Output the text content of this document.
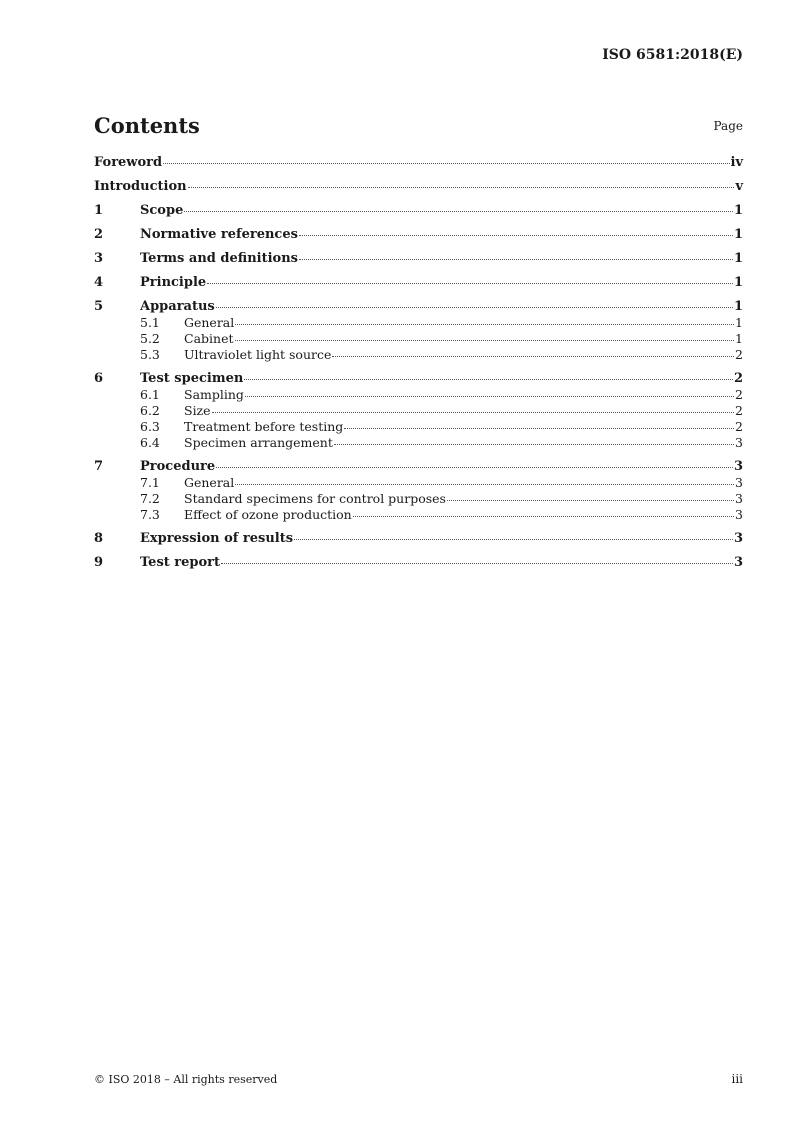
ISO 6581:2018(E)
Contents	Page
Foreword	iv
Introduction	v
1	Scope	1
2	Normative references	1
3	Terms and definitions	1
4	Principle	1
5	Apparatus	1
5.1	General	1
5.2	Cabinet	1
5.3	Ultraviolet light source	2
6	Test specimen	2
6.1	Sampling	2
6.2	Size	2
6.3	Treatment before testing	2
6.4	Specimen arrangement	3
7	Procedure	3
7.1	General	3
7.2	Standard specimens for control purposes	3
7.3	Effect of ozone production	3
8	Expression of results	3
9	Test report	3
© ISO 2018 – All rights reserved	iii
